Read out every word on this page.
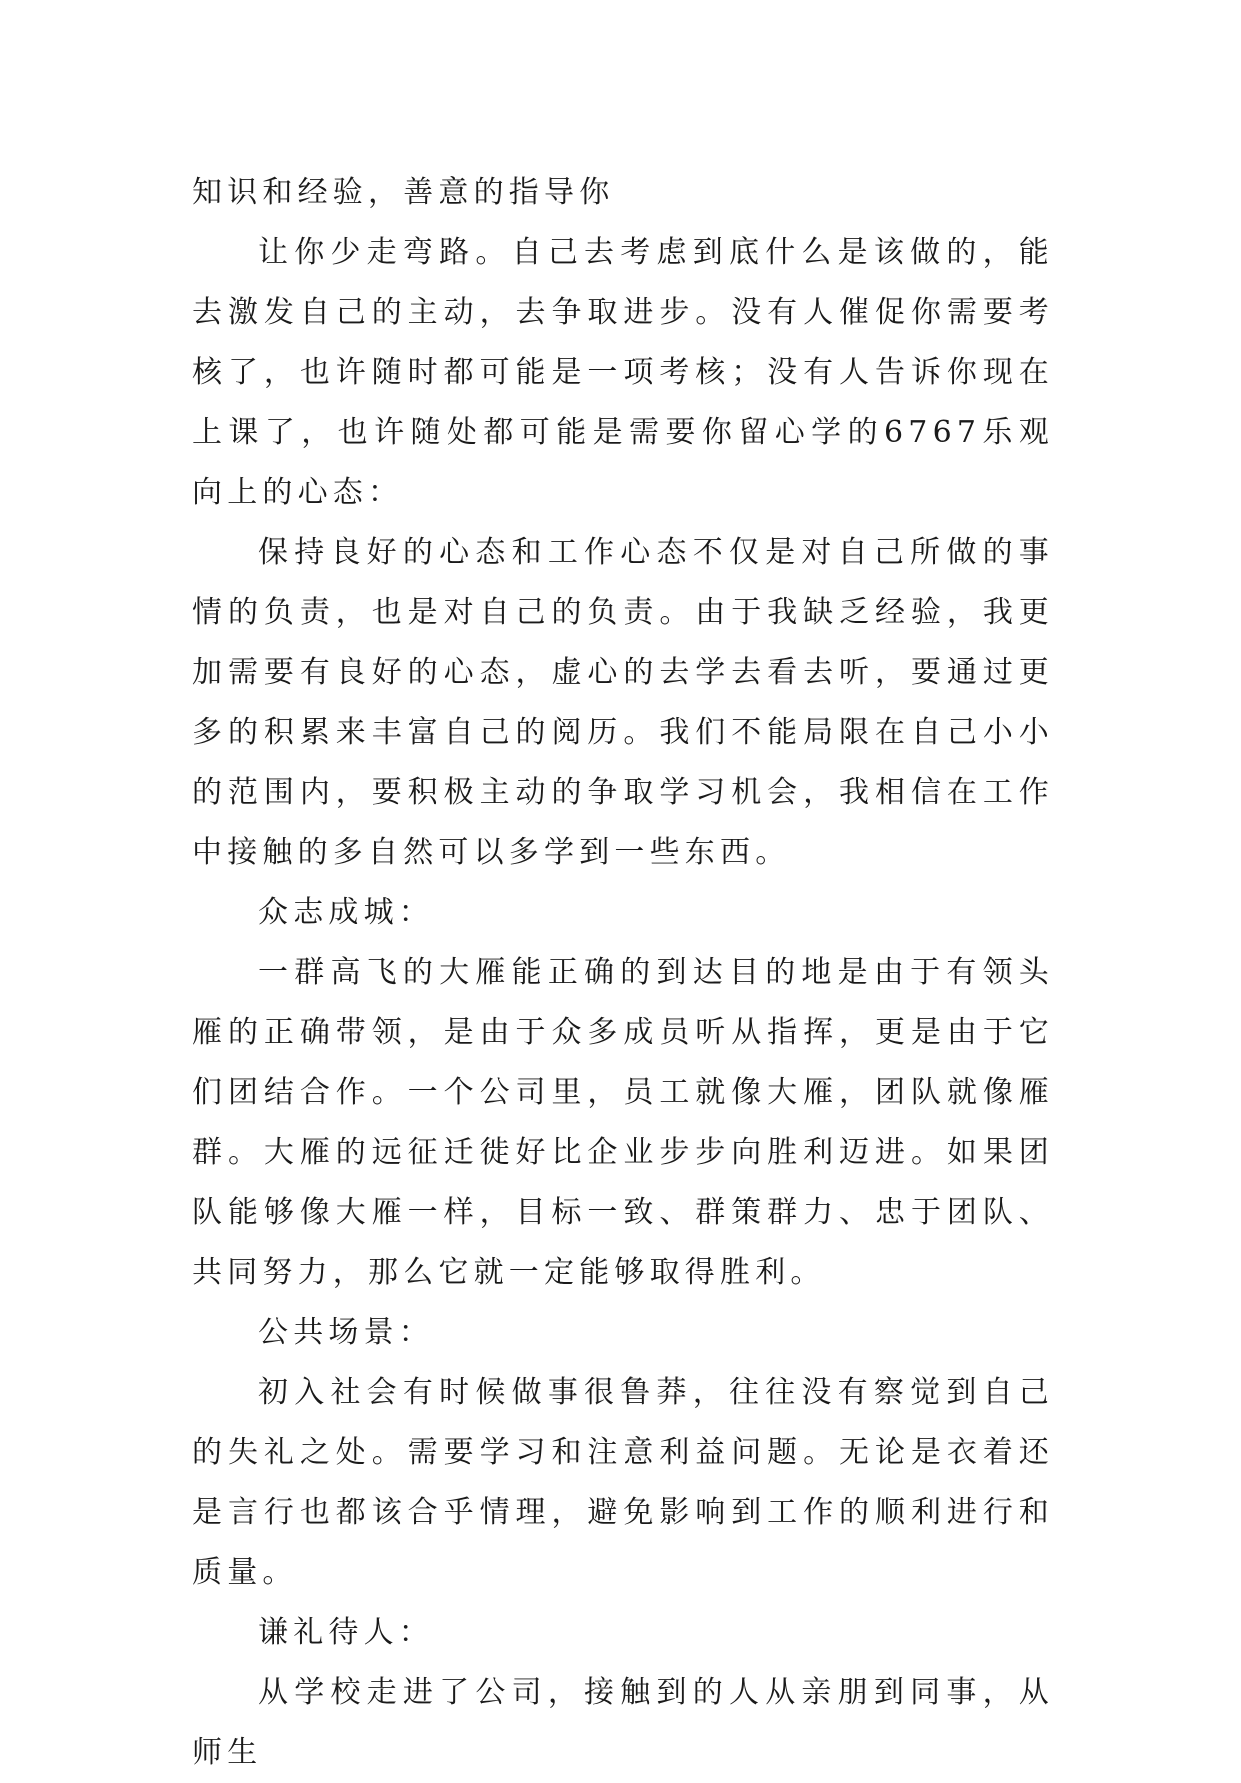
知识和经验，善意的指导你

让你少走弯路。自己去考虑到底什么是该做的，能去激发自己的主动，去争取进步。没有人催促你需要考核了，也许随时都可能是一项考核；没有人告诉你现在上课了，也许随处都可能是需要你留心学的6767乐观向上的心态：

保持良好的心态和工作心态不仅是对自己所做的事情的负责，也是对自己的负责。由于我缺乏经验，我更加需要有良好的心态，虚心的去学去看去听，要通过更多的积累来丰富自己的阅历。我们不能局限在自己小小的范围内，要积极主动的争取学习机会，我相信在工作中接触的多自然可以多学到一些东西。

众志成城：

一群高飞的大雁能正确的到达目的地是由于有领头雁的正确带领，是由于众多成员听从指挥，更是由于它们团结合作。一个公司里，员工就像大雁，团队就像雁群。大雁的远征迁徙好比企业步步向胜利迈进。如果团队能够像大雁一样，目标一致、群策群力、忠于团队、共同努力，那么它就一定能够取得胜利。

公共场景：

初入社会有时候做事很鲁莽，往往没有察觉到自己的失礼之处。需要学习和注意利益问题。无论是衣着还是言行也都该合乎情理，避免影响到工作的顺利进行和质量。

谦礼待人：

从学校走进了公司，接触到的人从亲朋到同事，从师生
